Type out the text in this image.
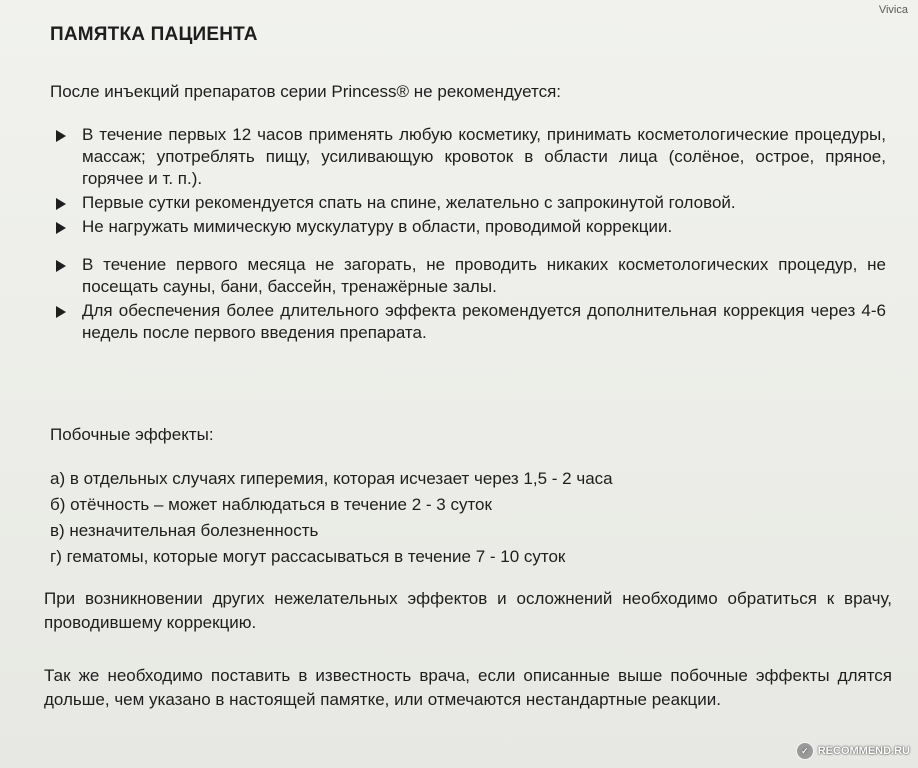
Vivica
ПАМЯТКА ПАЦИЕНТА
После инъекций препаратов серии Princess® не рекомендуется:
В течение первых 12 часов применять любую косметику, принимать косметологические процедуры, массаж; употреблять пищу, усиливающую кровоток в области лица (солёное, острое, пряное, горячее и т. п.).
Первые сутки рекомендуется спать на спине, желательно с запрокинутой головой.
Не нагружать мимическую мускулатуру в области, проводимой коррекции.
В течение первого месяца не загорать, не проводить никаких косметологических процедур, не посещать сауны, бани, бассейн, тренажёрные залы.
Для обеспечения более длительного эффекта рекомендуется дополнительная коррекция через 4-6 недель после первого введения препарата.
Побочные эффекты:
а) в отдельных случаях гиперемия, которая исчезает через 1,5 - 2 часа
б) отёчность – может наблюдаться в течение 2 - 3 суток
в) незначительная болезненность
г) гематомы, которые могут рассасываться в течение 7 - 10 суток
При возникновении других нежелательных эффектов и осложнений необходимо обратиться к врачу, проводившему коррекцию.
Так же необходимо поставить в известность врача, если описанные выше побочные эффекты длятся дольше, чем указано в настоящей памятке, или отмечаются нестандартные реакции.
✓ RECOMMEND.RU
